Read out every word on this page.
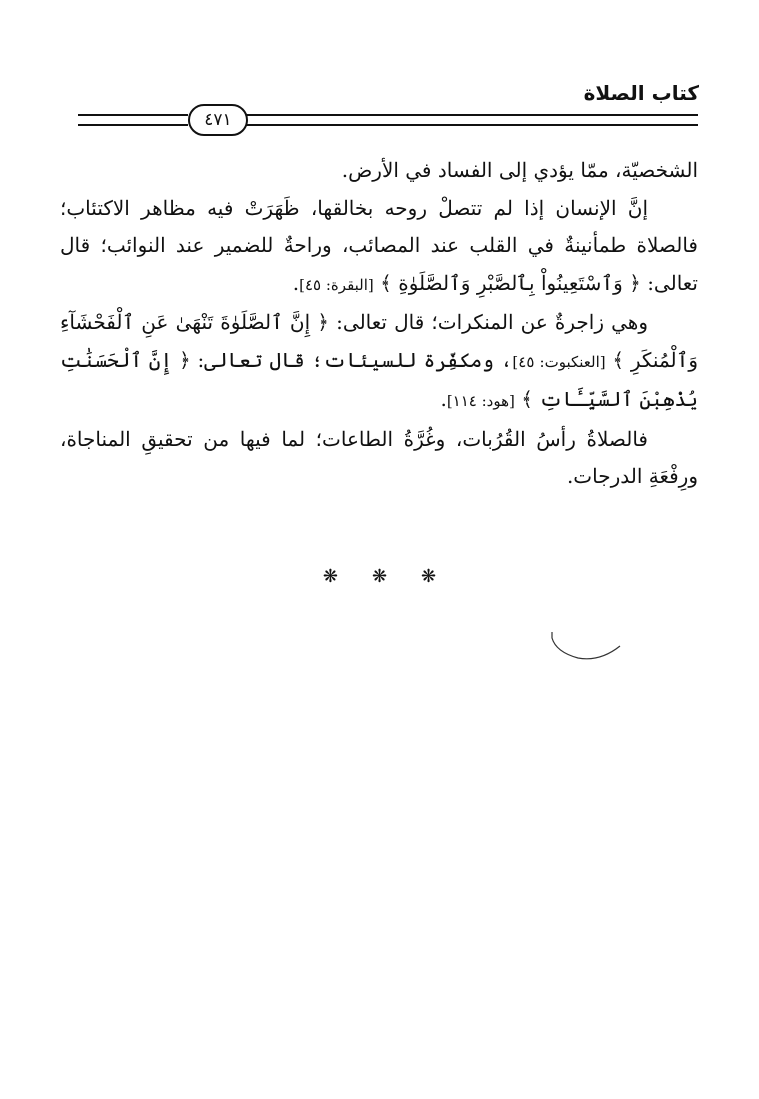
كتاب الصلاة
٤٧١

الشخصيّة، ممّا يؤدي إلى الفساد في الأرض.

إنَّ الإنسان إذا لم تتصلْ روحه بخالقها، ظَهَرَتْ فيه مظاهر الاكتئاب؛ فالصلاة طمأنينةٌ في القلب عند المصائب، وراحةٌ للضمير عند النوائب؛ قال تعالى: ﴿ وَٱسْتَعِينُواْ بِٱلصَّبْرِ وَٱلصَّلَوٰةِ ﴾ [البقرة: ٤٥].

وهي زاجرةٌ عن المنكرات؛ قال تعالى: ﴿ إِنَّ ٱلصَّلَوٰةَ تَنْهَىٰ عَنِ ٱلْفَحْشَآءِ وَٱلْمُنكَرِ ﴾ [العنكبوت: ٤٥]، ومكفِّرة للسيئات؛ قال تعالى: ﴿ إِنَّ ٱلْحَسَنَٰتِ يُذْهِبْنَ ٱلسَّيِّـَٔاتِ ﴾ [هود: ١١٤].

فالصلاةُ رأسُ القُرُبات، وغُرَّةُ الطاعات؛ لما فيها من تحقيقِ المناجاة، ورِفْعَةِ الدرجات.

❋❋❋
